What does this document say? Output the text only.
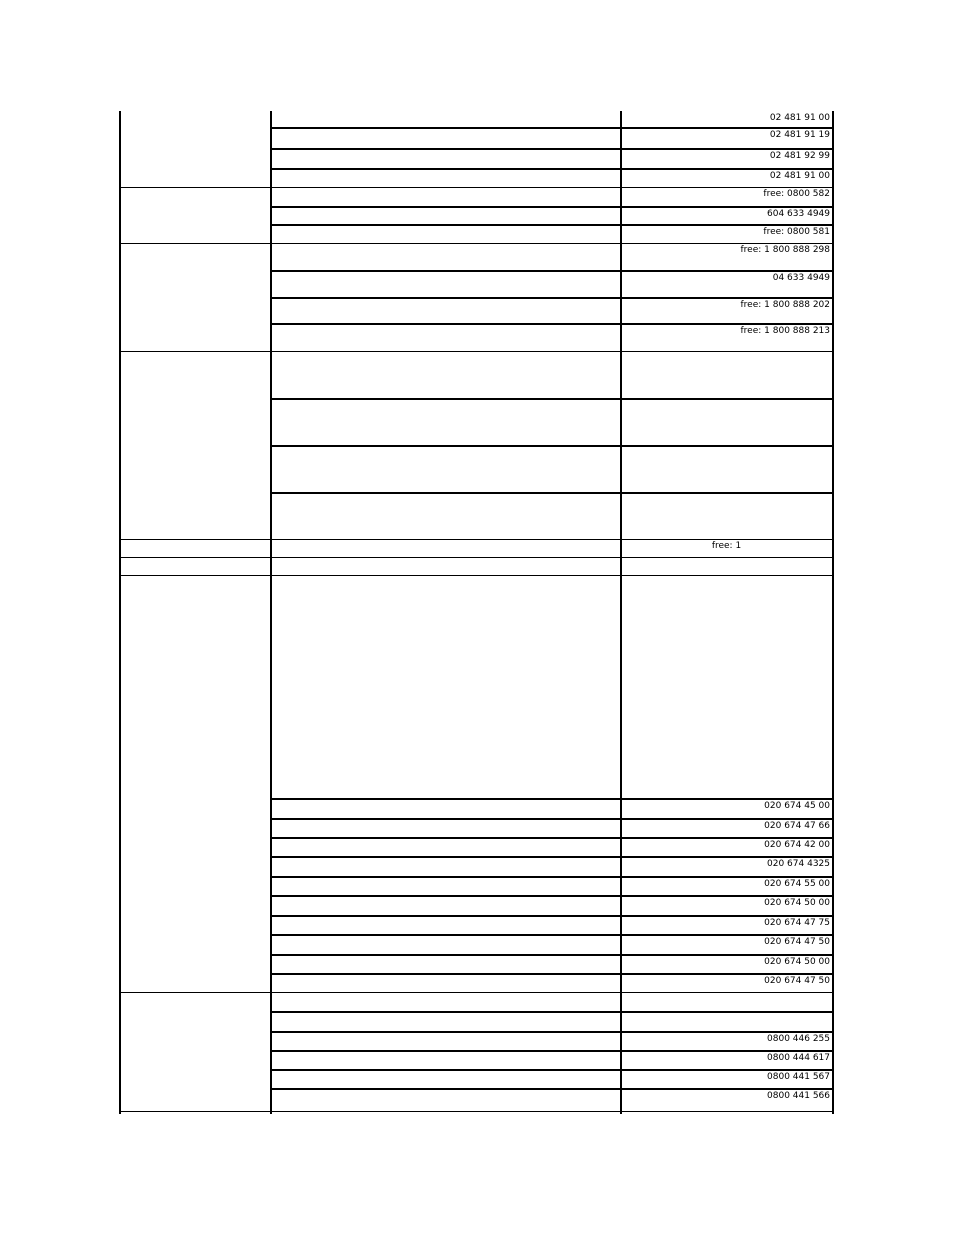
02 481 91 00
02 481 91 19
02 481 92 99
02 481 91 00
free: 0800 582
604 633 4949
free: 0800 581
free: 1 800 888 298
04 633 4949
free: 1 800 888 202
free: 1 800 888 213
free: 1
020 674 45 00
020 674 47 66
020 674 42 00
020 674 4325
020 674 55 00
020 674 50 00
020 674 47 75
020 674 47 50
020 674 50 00
020 674 47 50
0800 446 255
0800 444 617
0800 441 567
0800 441 566
